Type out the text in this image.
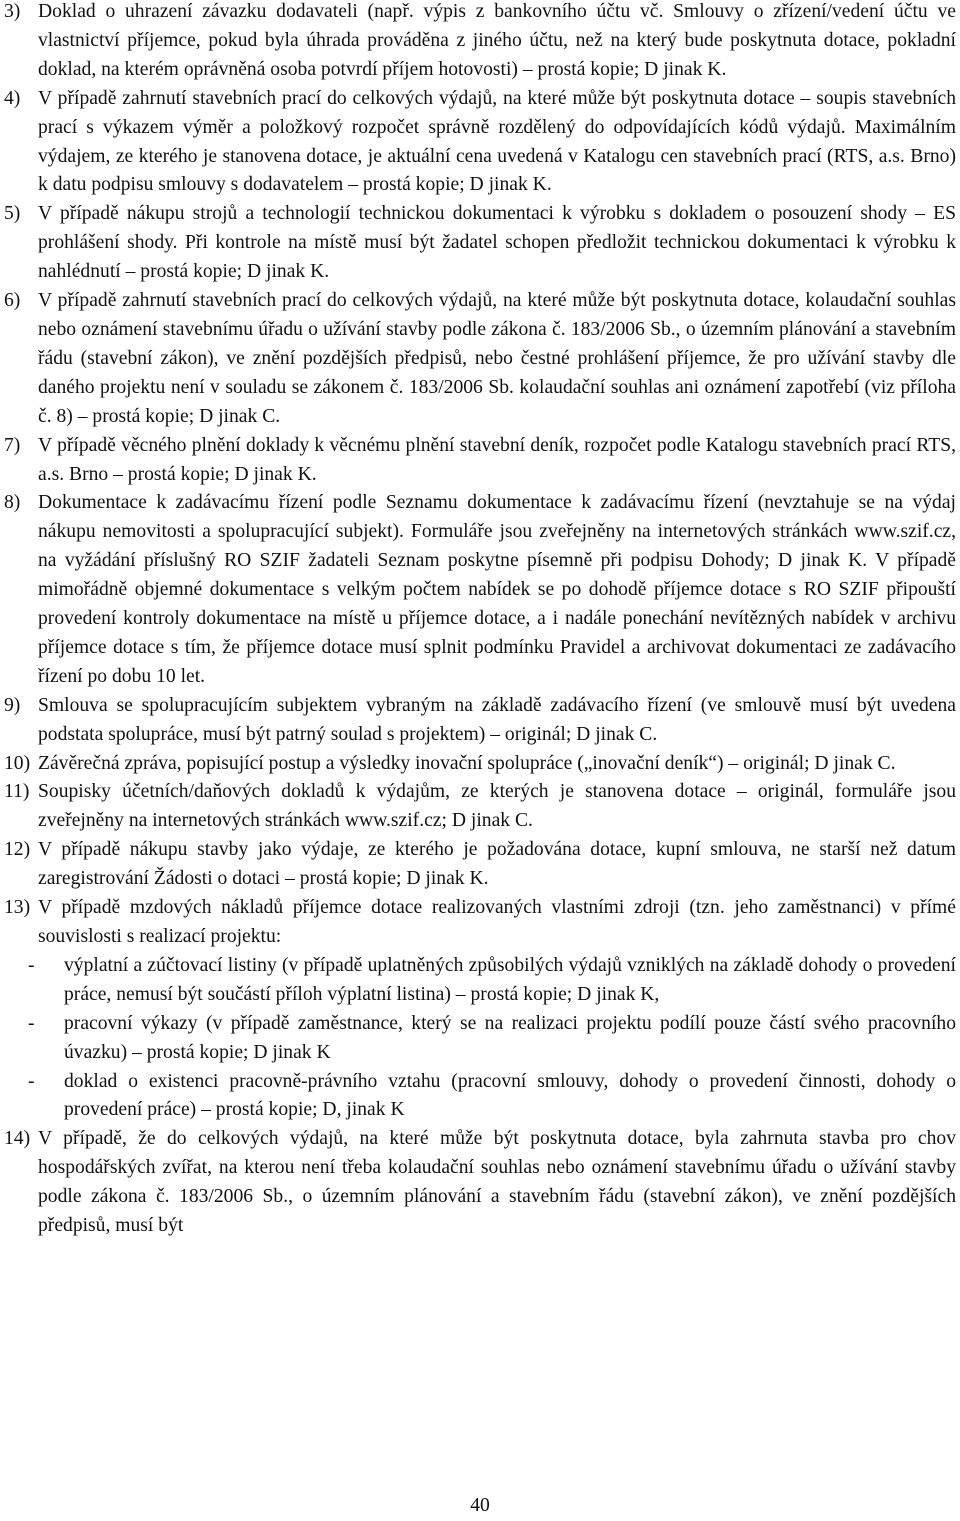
3) Doklad o uhrazení závazku dodavateli (např. výpis z bankovního účtu vč. Smlouvy o zřízení/vedení účtu ve vlastnictví příjemce, pokud byla úhrada prováděna z jiného účtu, než na který bude poskytnuta dotace, pokladní doklad, na kterém oprávněná osoba potvrdí příjem hotovosti) – prostá kopie; D jinak K.
4) V případě zahrnutí stavebních prací do celkových výdajů, na které může být poskytnuta dotace – soupis stavebních prací s výkazem výměr a položkový rozpočet správně rozdělený do odpovídajících kódů výdajů. Maximálním výdajem, ze kterého je stanovena dotace, je aktuální cena uvedená v Katalogu cen stavebních prací (RTS, a.s. Brno) k datu podpisu smlouvy s dodavatelem – prostá kopie; D jinak K.
5) V případě nákupu strojů a technologií technickou dokumentaci k výrobku s dokladem o posouzení shody – ES prohlášení shody. Při kontrole na místě musí být žadatel schopen předložit technickou dokumentaci k výrobku k nahlédnutí – prostá kopie; D jinak K.
6) V případě zahrnutí stavebních prací do celkových výdajů, na které může být poskytnuta dotace, kolaudační souhlas nebo oznámení stavebnímu úřadu o užívání stavby podle zákona č. 183/2006 Sb., o územním plánování a stavebním řádu (stavební zákon), ve znění pozdějších předpisů, nebo čestné prohlášení příjemce, že pro užívání stavby dle daného projektu není v souladu se zákonem č. 183/2006 Sb. kolaudační souhlas ani oznámení zapotřebí (viz příloha č. 8) – prostá kopie; D jinak C.
7) V případě věcného plnění doklady k věcnému plnění stavební deník, rozpočet podle Katalogu stavebních prací RTS, a.s. Brno – prostá kopie; D jinak K.
8) Dokumentace k zadávacímu řízení podle Seznamu dokumentace k zadávacímu řízení (nevztahuje se na výdaj nákupu nemovitosti a spolupracující subjekt). Formuláře jsou zveřejněny na internetových stránkách www.szif.cz, na vyžádání příslušný RO SZIF žadateli Seznam poskytne písemně při podpisu Dohody; D jinak K. V případě mimořádně objemné dokumentace s velkým počtem nabídek se po dohodě příjemce dotace s RO SZIF připouští provedení kontroly dokumentace na místě u příjemce dotace, a i nadále ponechání nevítězných nabídek v archivu příjemce dotace s tím, že příjemce dotace musí splnit podmínku Pravidel a archivovat dokumentaci ze zadávacího řízení po dobu 10 let.
9) Smlouva se spolupracujícím subjektem vybraným na základě zadávacího řízení (ve smlouvě musí být uvedena podstata spolupráce, musí být patrný soulad s projektem) – originál; D jinak C.
10) Závěrečná zpráva, popisující postup a výsledky inovační spolupráce („inovační deník“) – originál; D jinak C.
11) Soupisky účetních/daňových dokladů k výdajům, ze kterých je stanovena dotace – originál, formuláře jsou zveřejněny na internetových stránkách www.szif.cz; D jinak C.
12) V případě nákupu stavby jako výdaje, ze kterého je požadována dotace, kupní smlouva, ne starší než datum zaregistrování Žádosti o dotaci – prostá kopie; D jinak K.
13) V případě mzdových nákladů příjemce dotace realizovaných vlastními zdroji (tzn. jeho zaměstnanci) v přímé souvislosti s realizací projektu:
- výplatní a zúčtovací listiny (v případě uplatněných způsobilých výdajů vzniklých na základě dohody o provedení práce, nemusí být součástí příloh výplatní listina) – prostá kopie; D jinak K,
- pracovní výkazy (v případě zaměstnance, který se na realizaci projektu podílí pouze částí svého pracovního úvazku) – prostá kopie; D jinak K
- doklad o existenci pracovně-právního vztahu (pracovní smlouvy, dohody o provedení činnosti, dohody o provedení práce) – prostá kopie; D, jinak K
14) V případě, že do celkových výdajů, na které může být poskytnuta dotace, byla zahrnuta stavba pro chov hospodářských zvířat, na kterou není třeba kolaudační souhlas nebo oznámení stavebnímu úřadu o užívání stavby podle zákona č. 183/2006 Sb., o územním plánování a stavebním řádu (stavební zákon), ve znění pozdějších předpisů, musí být
40
